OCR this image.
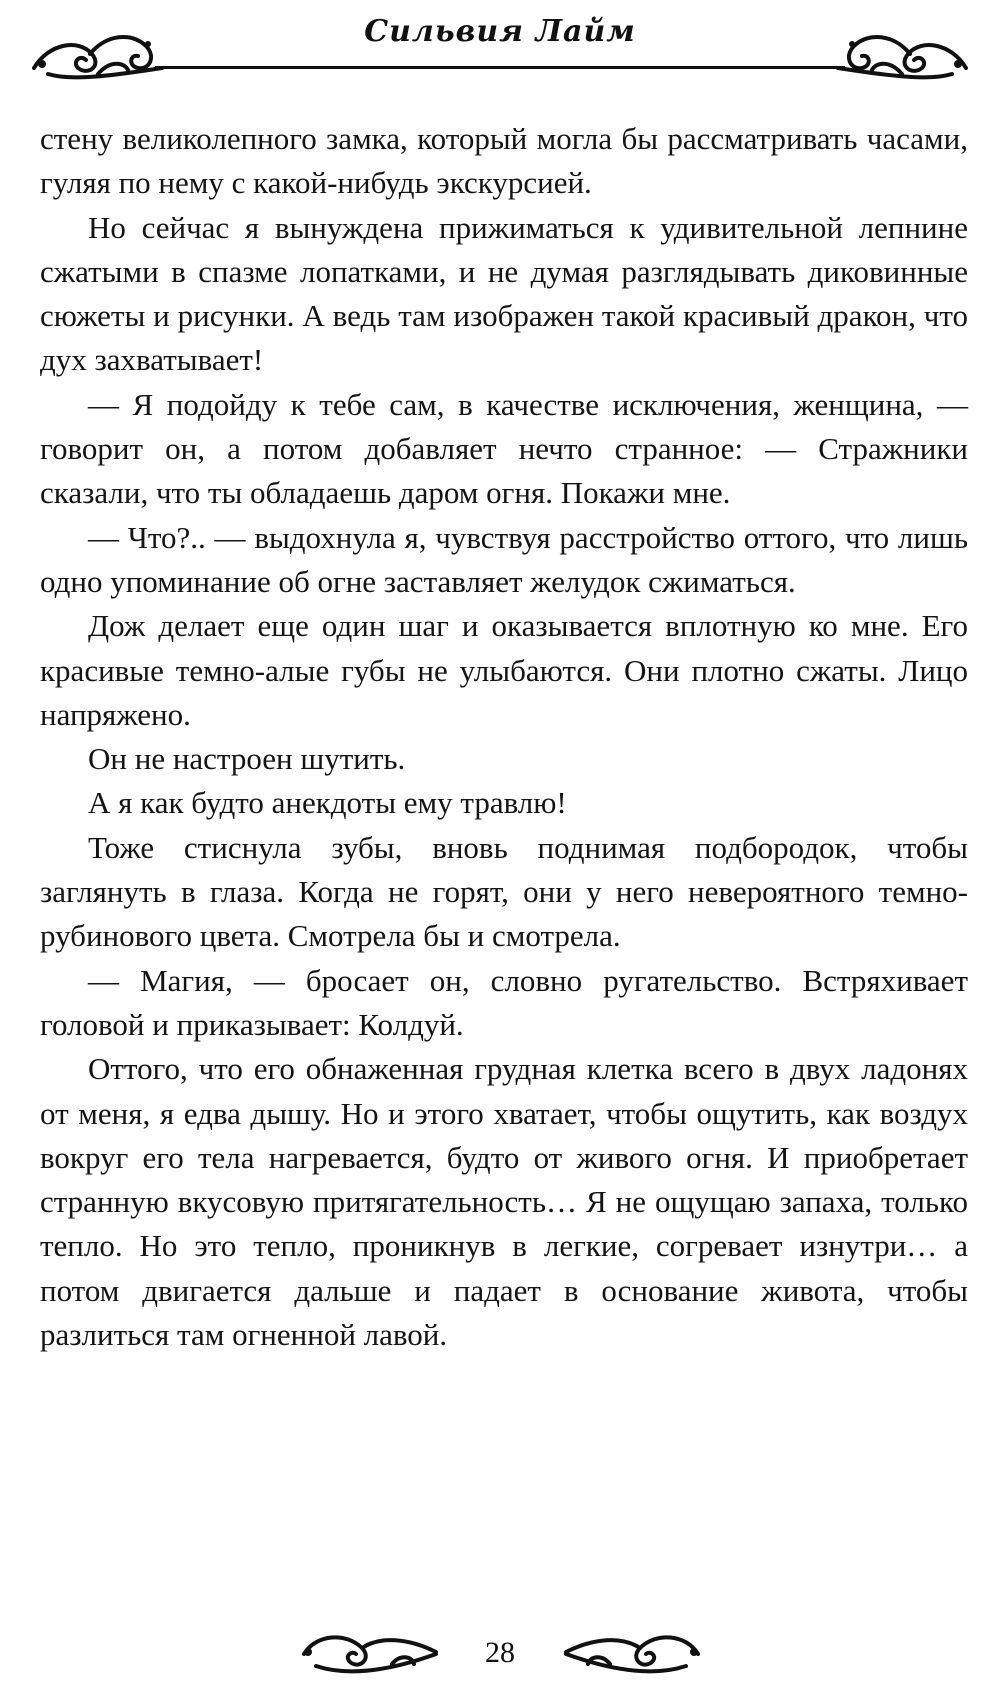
Сильвия Лайм

стену великолепного замка, который могла бы рассматривать часами, гуляя по нему с какой-нибудь экскурсией.

Но сейчас я вынуждена прижиматься к удивительной лепнине сжатыми в спазме лопатками, и не думая разглядывать диковинные сюжеты и рисунки. А ведь там изображен такой красивый дракон, что дух захватывает!

— Я подойду к тебе сам, в качестве исключения, женщина, — говорит он, а потом добавляет нечто странное: — Стражники сказали, что ты обладаешь даром огня. Покажи мне.

— Что?.. — выдохнула я, чувствуя расстройство оттого, что лишь одно упоминание об огне заставляет желудок сжиматься.

Дож делает еще один шаг и оказывается вплотную ко мне. Его красивые темно-алые губы не улыбаются. Они плотно сжаты. Лицо напряжено.

Он не настроен шутить.

А я как будто анекдоты ему травлю!

Тоже стиснула зубы, вновь поднимая подбородок, чтобы заглянуть в глаза. Когда не горят, они у него невероятного темно-рубинового цвета. Смотрела бы и смотрела.

— Магия, — бросает он, словно ругательство. Встряхивает головой и приказывает: Колдуй.

Оттого, что его обнаженная грудная клетка всего в двух ладонях от меня, я едва дышу. Но и этого хватает, чтобы ощутить, как воздух вокруг его тела нагревается, будто от живого огня. И приобретает странную вкусовую притягательность… Я не ощущаю запаха, только тепло. Но это тепло, проникнув в легкие, согревает изнутри… а потом двигается дальше и падает в основание живота, чтобы разлиться там огненной лавой.

28
